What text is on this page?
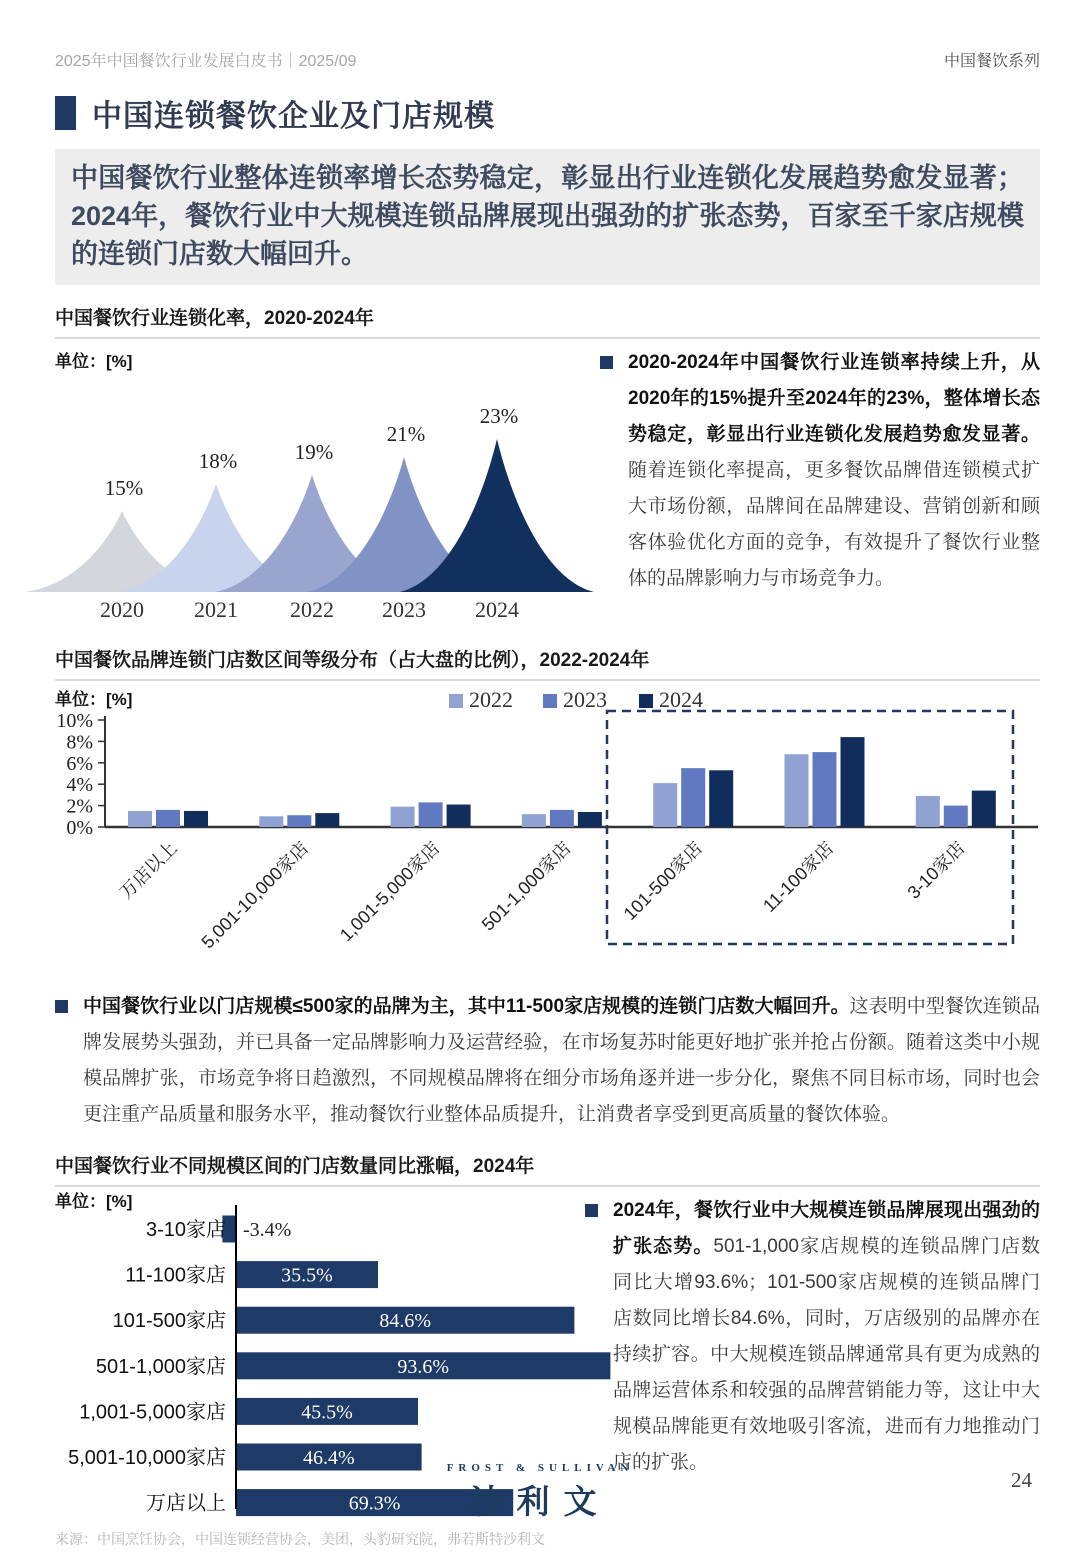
2025年中国餐饮行业发展白皮书｜2025/09	中国餐饮系列
中国连锁餐饮企业及门店规模
中国餐饮行业整体连锁率增长态势稳定，彰显出行业连锁化发展趋势愈发显著；2024年，餐饮行业中大规模连锁品牌展现出强劲的扩张态势，百家至千家店规模的连锁门店数大幅回升。
中国餐饮行业连锁化率，2020-2024年
单位：[%]
15%
2020
18%
2021
19%
2022
21%
2023
23%
2024
2020-2024年中国餐饮行业连锁率持续上升，从2020年的15%提升至2024年的23%，整体增长态势稳定，彰显出行业连锁化发展趋势愈发显著。随着连锁化率提高，更多餐饮品牌借连锁模式扩大市场份额，品牌间在品牌建设、营销创新和顾客体验优化方面的竞争，有效提升了餐饮行业整体的品牌影响力与市场竞争力。
中国餐饮品牌连锁门店数区间等级分布（占大盘的比例），2022-2024年
单位：[%]	2022 2023 2024
0%
2%
4%
6%
8%
10%
万店以上 5,001-10,000家店 1,001-5,000家店 501-1,000家店 101-500家店	11-100家店	3-10家店
中国餐饮行业以门店规模≤500家的品牌为主，其中11-500家店规模的连锁门店数大幅回升。这表明中型餐饮连锁品牌发展势头强劲，并已具备一定品牌影响力及运营经验，在市场复苏时能更好地扩张并抢占份额。随着这类中小规模品牌扩张，市场竞争将日趋激烈，不同规模品牌将在细分市场角逐并进一步分化，聚焦不同目标市场，同时也会更注重产品质量和服务水平，推动餐饮行业整体品质提升，让消费者享受到更高质量的餐饮体验。
中国餐饮行业不同规模区间的门店数量同比涨幅，2024年
单位：[%]
3-10家店 -3.4%
11-100家店	35.5%
101-500家店	84.6%
501-1,000家店	93.6%
1,001-5,000家店	45.5%
5,001-10,000家店	46.4%
万店以上	69.3%
2024年，餐饮行业中大规模连锁品牌展现出强劲的扩张态势。501-1,000家店规模的连锁品牌门店数同比大增93.6%；101-500家店规模的连锁品牌门店数同比增长84.6%，同时，万店级别的品牌亦在持续扩容。中大规模连锁品牌通常具有更为成熟的品牌运营体系和较强的品牌营销能力等，这让中大规模品牌能更有效地吸引客流，进而有力地推动门店的扩张。
来源：中国烹饪协会，中国连锁经营协会，美团，头豹研究院，弗若斯特沙利文
FROST & SULLIVAN
沙利文
24
